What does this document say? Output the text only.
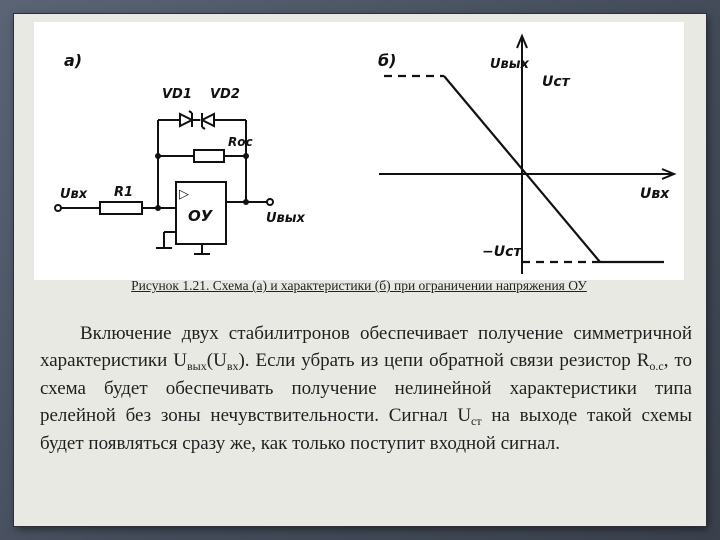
а)
▷
ОУ
VD1 VD2
Rос
R1
Uвх
Uвых
б)	Uвых
Uст
Uвх
−Uст
Рисунок 1.21. Схема (а) и характеристики (б) при ограничении напряжения ОУ
Включение двух стабилитронов обеспечивает получение симметричной характеристики $U_{вых}(U_{вх})$. Если убрать из цепи обратной связи резистор $R_{о.с}$, то схема будет обеспечивать получение нелинейной характеристики типа релейной без зоны нечувствительности. Сигнал $U_{ст}$ на выходе такой схемы будет появляться сразу же, как только поступит входной сигнал.
